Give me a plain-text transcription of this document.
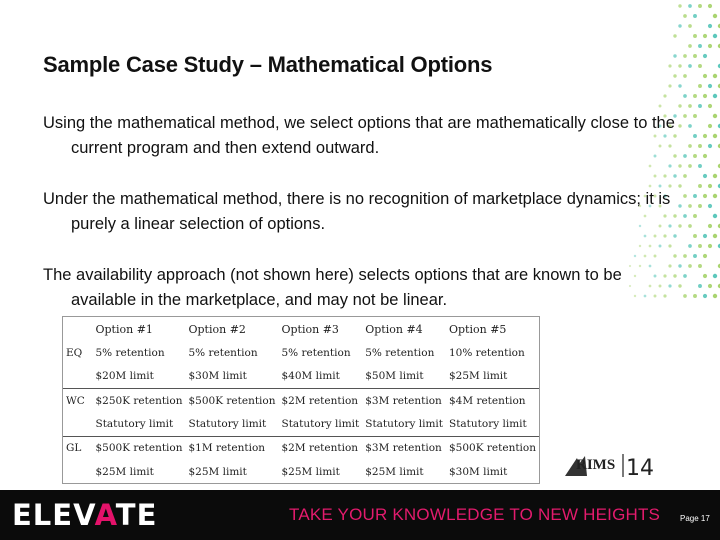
Sample Case Study – Mathematical Options
Using the mathematical method, we select options that are mathematically close to the current program and then extend outward.
Under the mathematical method, there is no recognition of marketplace dynamics; it is purely a linear selection of options.
The availability approach (not shown here) selects options that are known to be available in the marketplace, and may not be linear.
	Option #1	Option #2	Option #3	Option #4	Option #5
EQ	5% retention	5% retention	5% retention	5% retention	10% retention
	$20M limit	$30M limit	$40M limit	$50M limit	$25M limit
WC	$250K retention	$500K retention	$2M retention	$3M retention	$4M retention
	Statutory limit	Statutory limit	Statutory limit	Statutory limit	Statutory limit
GL	$500K retention	$1M retention	$2M retention	$3M retention	$500K retention
	$25M limit	$25M limit	$25M limit	$25M limit	$30M limit	RIMS 14
ELEVATE	TAKE YOUR KNOWLEDGE TO NEW HEIGHTS Page 17
